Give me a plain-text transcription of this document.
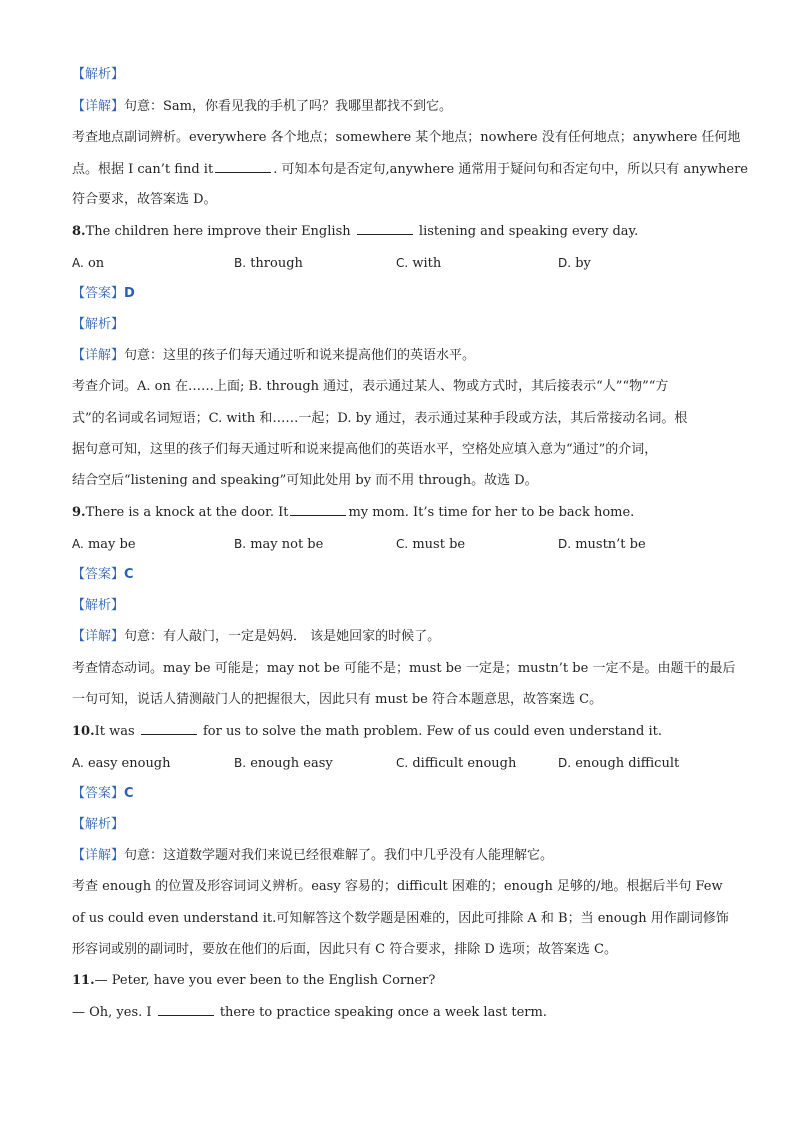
【解析】
【详解】句意：Sam，你看见我的手机了吗？我哪里都找不到它。
考查地点副词辨析。everywhere 各个地点；somewhere 某个地点；nowhere 没有任何地点；anywhere 任何地
点。根据 I can’t find it	. 可知本句是否定句,anywhere 通常用于疑问句和否定句中，所以只有 anywhere
符合要求，故答案选 D。
8.The children here improve their English	listening and speaking every day.
A. on	B. through	C. with	D. by
【答案】D
【解析】
【详解】句意：这里的孩子们每天通过听和说来提高他们的英语水平。
考查介词。A. on 在……上面; B. through 通过，表示通过某人、物或方式时，其后接表示“人”“物”“方
式”的名词或名词短语；C. with 和……一起；D. by 通过，表示通过某种手段或方法，其后常接动名词。根
据句意可知，这里的孩子们每天通过听和说来提高他们的英语水平，空格处应填入意为“通过”的介词，
结合空后“listening and speaking”可知此处用 by 而不用 through。故选 D。
9.There is a knock at the door. It	my mom. It’s time for her to be back home.
A. may be	B. may not be	C. must be	D. mustn’t be
【答案】C
【解析】
【详解】句意：有人敲门，一定是妈妈． 该是她回家的时候了。
考查情态动词。may be 可能是；may not be 可能不是；must be 一定是；mustn’t be 一定不是。由题干的最后
一句可知，说话人猜测敲门人的把握很大，因此只有 must be 符合本题意思，故答案选 C。
10.It was	for us to solve the math problem. Few of us could even understand it.
A. easy enough	B. enough easy	C. difficult enough	D. enough difficult
【答案】C
【解析】
【详解】句意：这道数学题对我们来说已经很难解了。我们中几乎没有人能理解它。
考查 enough 的位置及形容词词义辨析。easy 容易的；difficult 困难的；enough 足够的/地。根据后半句 Few
of us could even understand it.可知解答这个数学题是困难的，因此可排除 A 和 B；当 enough 用作副词修饰
形容词或别的副词时，要放在他们的后面，因此只有 C 符合要求，排除 D 选项；故答案选 C。
11.— Peter, have you ever been to the English Corner?
— Oh, yes. I	there to practice speaking once a week last term.
